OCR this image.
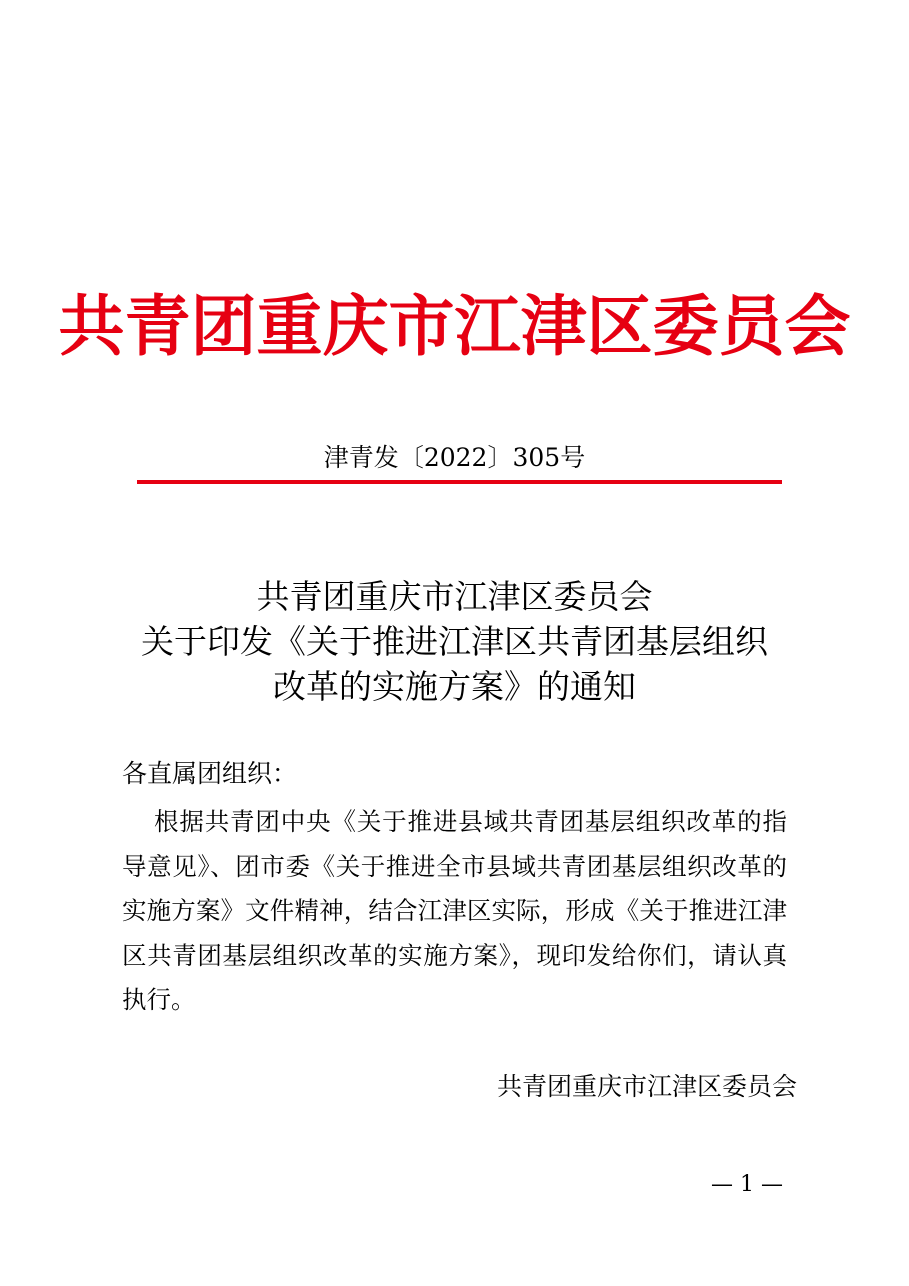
共青团重庆市江津区委员会
津青发〔2022〕305号
共青团重庆市江津区委员会
关于印发《关于推进江津区共青团基层组织
改革的实施方案》的通知
各直属团组织：
根据共青团中央《关于推进县域共青团基层组织改革的指导意见》、团市委《关于推进全市县域共青团基层组织改革的实施方案》文件精神，结合江津区实际，形成《关于推进江津区共青团基层组织改革的实施方案》，现印发给你们，请认真执行。
共青团重庆市江津区委员会
— 1 —
